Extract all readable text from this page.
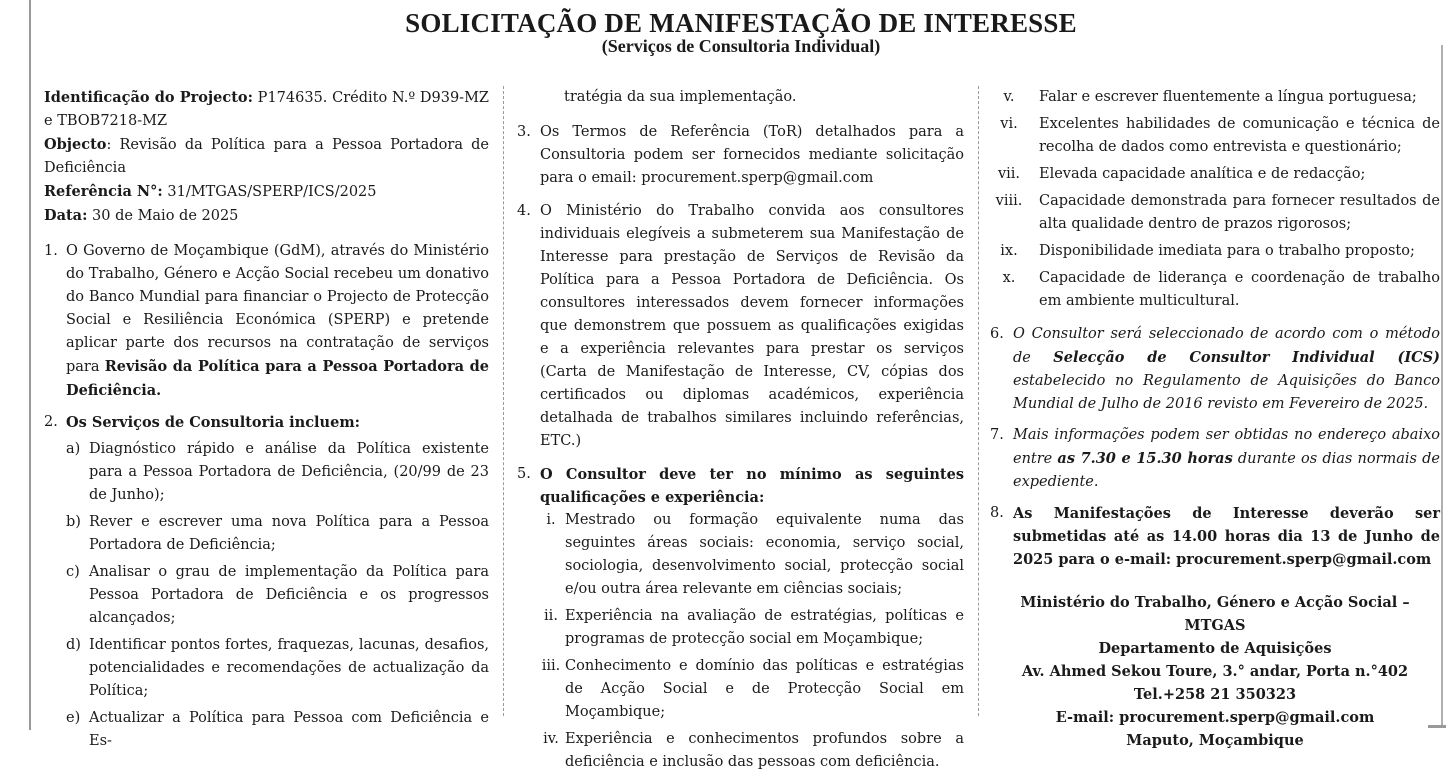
SOLICITAÇÃO DE MANIFESTAÇÃO DE INTERESSE
(Serviços de Consultoria Individual)

Identificação do Projecto: P174635. Crédito N.º D939-MZ e TBOB7218-MZ

Objecto: Revisão da Política para a Pessoa Portadora de Deficiência

Referência N°: 31/MTGAS/SPERP/ICS/2025

Data: 30 de Maio de 2025

1. O Governo de Moçambique (GdM), através do Ministério do Trabalho, Género e Acção Social recebeu um donativo do Banco Mundial para financiar o Projecto de Protecção Social e Resiliência Económica (SPERP) e pretende aplicar parte dos recursos na contratação de serviços para Revisão da Política para a Pessoa Portadora de Deficiência.
2. Os Serviços de Consultoria incluem:
a) Diagnóstico rápido e análise da Política existente para a Pessoa Portadora de Deficiência, (20/99 de 23 de Junho);
b) Rever e escrever uma nova Política para a Pessoa Portadora de Deficiência;
c) Analisar o grau de implementação da Política para Pessoa Portadora de Deficiência e os progressos alcançados;
d) Identificar pontos fortes, fraquezas, lacunas, desafios, potencialidades e recomendações de actualização da Política;
e) Actualizar a Política para Pessoa com Deficiência e Es-
tratégia da sua implementação.
3. Os Termos de Referência (ToR) detalhados para a Consultoria podem ser fornecidos mediante solicitação para o email: procurement.sperp@gmail.com
4. O Ministério do Trabalho convida aos consultores individuais elegíveis a submeterem sua Manifestação de Interesse para prestação de Serviços de Revisão da Política para a Pessoa Portadora de Deficiência. Os consultores interessados devem fornecer informações que demonstrem que possuem as qualificações exigidas e a experiência relevantes para prestar os serviços (Carta de Manifestação de Interesse, CV, cópias dos certificados ou diplomas académicos, experiência detalhada de trabalhos similares incluindo referências, ETC.)
5. O Consultor deve ter no mínimo as seguintes qualificações e experiência:
i. Mestrado ou formação equivalente numa das seguintes áreas sociais: economia, serviço social, sociologia, desenvolvimento social, protecção social e/ou outra área relevante em ciências sociais;
ii. Experiência na avaliação de estratégias, políticas e programas de protecção social em Moçambique;
iii. Conhecimento e domínio das políticas e estratégias de Acção Social e de Protecção Social em Moçambique;
iv. Experiência e conhecimentos profundos sobre a deficiência e inclusão das pessoas com deficiência.
v.	Falar e escrever fluentemente a língua portuguesa;
vi.	Excelentes habilidades de comunicação e técnica de recolha de dados como entrevista e questionário;
vii.	Elevada capacidade analítica e de redacção;
viii.	Capacidade demonstrada para fornecer resultados de alta qualidade dentro de prazos rigorosos;
ix.	Disponibilidade imediata para o trabalho proposto;
x.	Capacidade de liderança e coordenação de trabalho em ambiente multicultural.
6. O Consultor será seleccionado de acordo com o método de Selecção de Consultor Individual (ICS) estabelecido no Regulamento de Aquisições do Banco Mundial de Julho de 2016 revisto em Fevereiro de 2025.
7. Mais informações podem ser obtidas no endereço abaixo entre as 7.30 e 15.30 horas durante os dias normais de expediente.
8. As Manifestações de Interesse deverão ser submetidas até as 14.00 horas dia 13 de Junho de 2025 para o e-mail: procurement.sperp@gmail.com

Ministério do Trabalho, Género e Acção Social – MTGAS

Departamento de Aquisições

Av. Ahmed Sekou Toure, 3.° andar, Porta n.°402

Tel.+258 21 350323

E-mail: procurement.sperp@gmail.com

Maputo, Moçambique
